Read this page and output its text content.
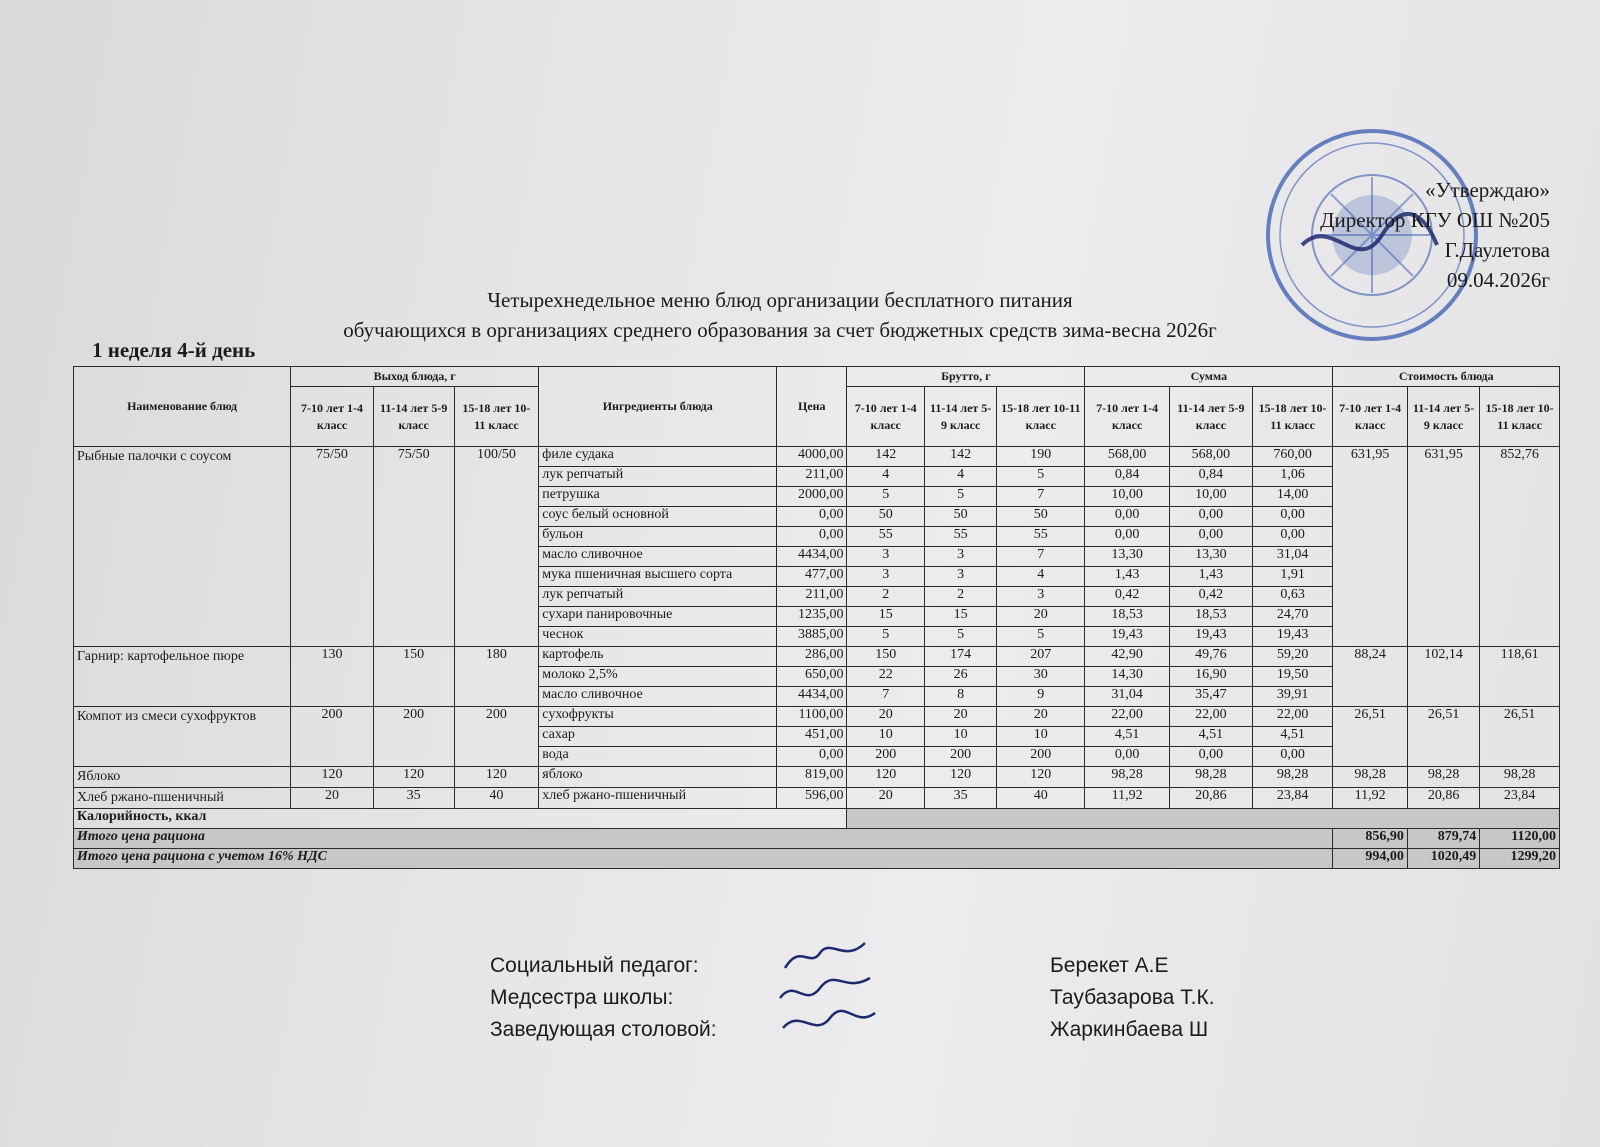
«Утверждаю»
Директор КГУ ОШ №205
Г.Даулетова
09.04.2026г
Четырехнедельное меню блюд организации бесплатного питания
обучающихся в организациях среднего образования за счет бюджетных средств зима-весна 2026г
1 неделя 4-й день
Наименование блюд	Выход блюда, г			Ингредиенты блюда	Цена	Брутто, г			Сумма			Стоимость блюда		
	7-10 лет 1-4 класс	11-14 лет 5-9 класс	15-18 лет 10-11 класс			7-10 лет 1-4 класс	11-14 лет 5-9 класс	15-18 лет 10-11 класс	7-10 лет 1-4 класс	11-14 лет 5-9 класс	15-18 лет 10-11 класс	7-10 лет 1-4 класс	11-14 лет 5-9 класс	15-18 лет 10-11 класс
Рыбные палочки с соусом	75/50	75/50	100/50	филе судака	4000,00	142	142	190	568,00	568,00	760,00	631,95	631,95	852,76
				лук репчатый	211,00	4	4	5	0,84	0,84	1,06			
				петрушка	2000,00	5	5	7	10,00	10,00	14,00			
				соус белый основной	0,00	50	50	50	0,00	0,00	0,00			
				бульон	0,00	55	55	55	0,00	0,00	0,00			
				масло сливочное	4434,00	3	3	7	13,30	13,30	31,04			
				мука пшеничная высшего сорта	477,00	3	3	4	1,43	1,43	1,91			
				лук репчатый	211,00	2	2	3	0,42	0,42	0,63			
				сухари панировочные	1235,00	15	15	20	18,53	18,53	24,70			
				чеснок	3885,00	5	5	5	19,43	19,43	19,43			
Гарнир: картофельное пюре	130	150	180	картофель	286,00	150	174	207	42,90	49,76	59,20	88,24	102,14	118,61
				молоко 2,5%	650,00	22	26	30	14,30	16,90	19,50			
				масло сливочное	4434,00	7	8	9	31,04	35,47	39,91			
Компот из смеси сухофруктов	200	200	200	сухофрукты	1100,00	20	20	20	22,00	22,00	22,00	26,51	26,51	26,51
				сахар	451,00	10	10	10	4,51	4,51	4,51			
				вода	0,00	200	200	200	0,00	0,00	0,00			
Яблоко	120	120	120	яблоко	819,00	120	120	120	98,28	98,28	98,28	98,28	98,28	98,28
Хлеб ржано-пшеничный	20	35	40	хлеб ржано-пшеничный	596,00	20	35	40	11,92	20,86	23,84	11,92	20,86	23,84
Калорийность, ккал														
Итого цена рациона												856,90	879,74	1120,00
Итого цена рациона с учетом 16% НДС												994,00	1020,49	1299,20
Социальный педагог:	Берекет А.Е
Медсестра школы:	Таубазарова Т.К.
Заведующая столовой:	Жаркинбаева Ш
